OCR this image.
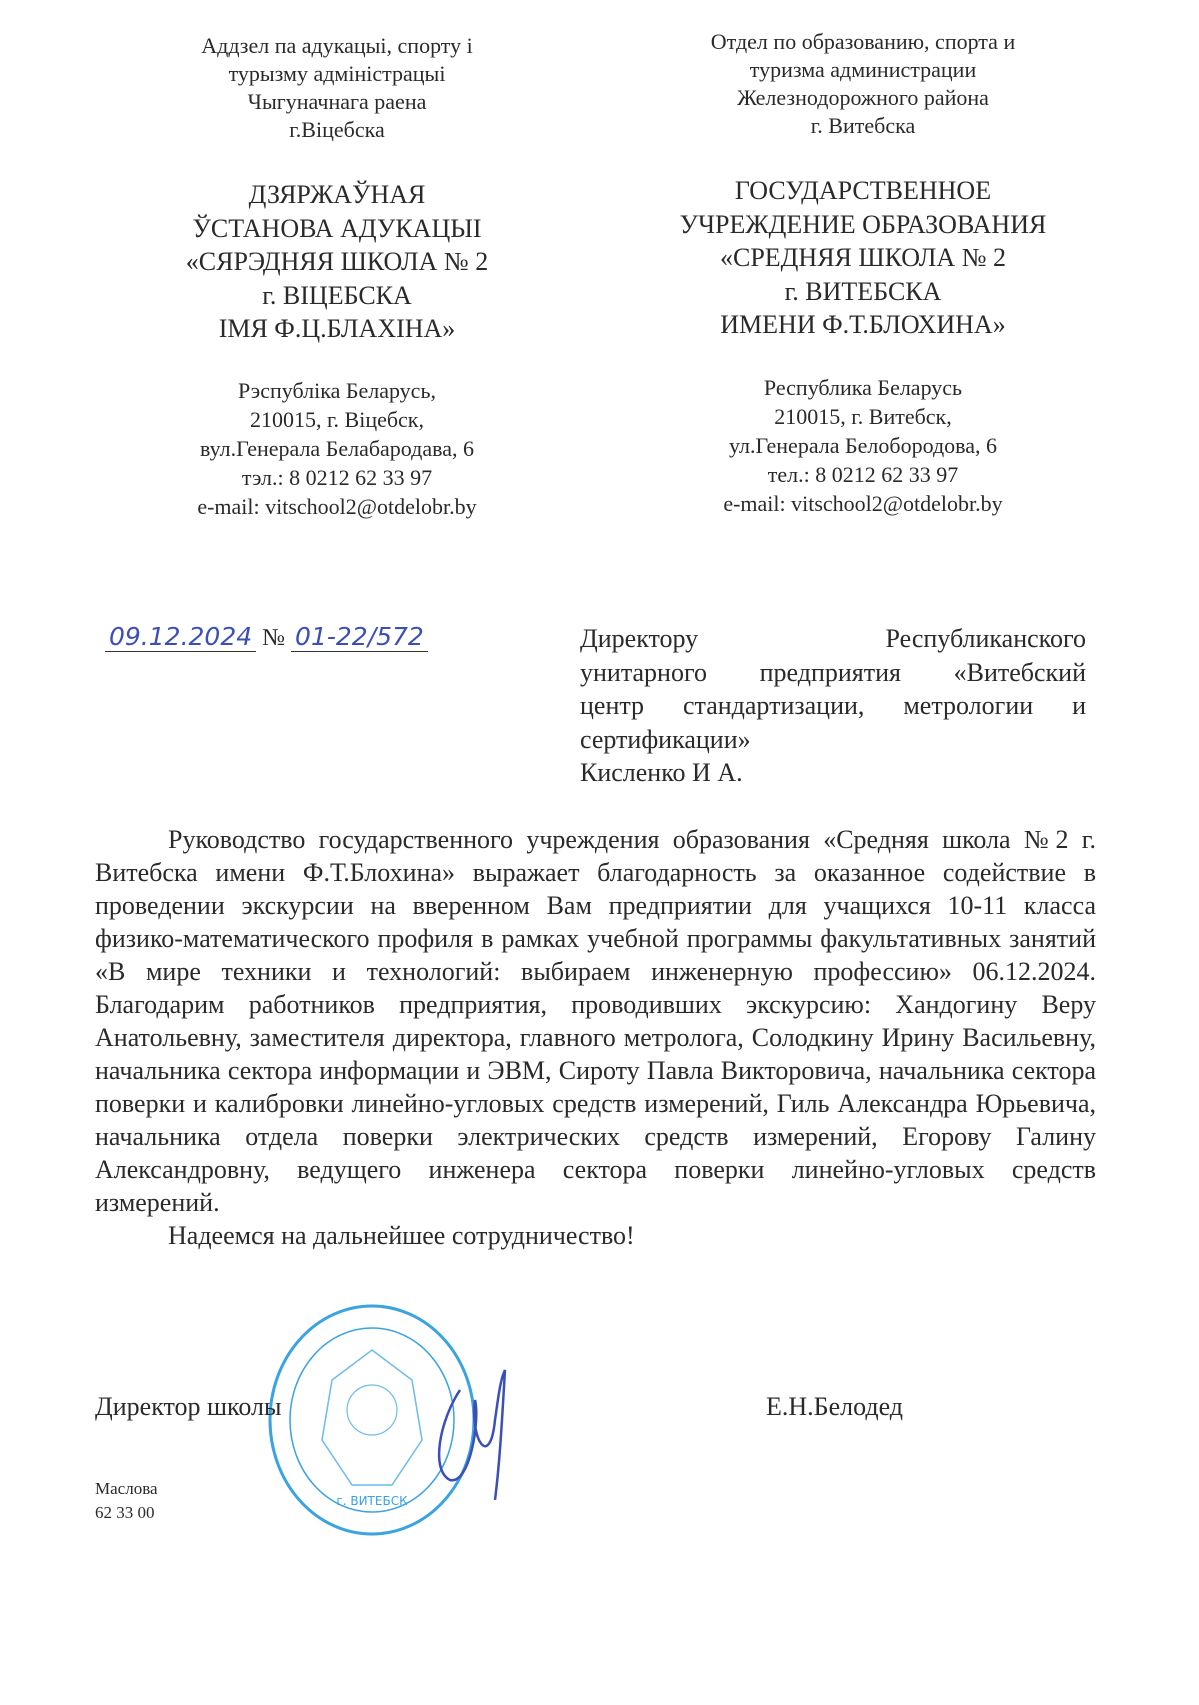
Аддзел па адукацыі, спорту і
турызму адміністрацыі
Чыгуначнага раена
г.Віцебска
Отдел по образованию, спорта и
туризма администрации
Железнодорожного района
г. Витебска
ДЗЯРЖАЎНАЯ
ЎСТАНОВА АДУКАЦЫІ
«СЯРЭДНЯЯ ШКОЛА № 2
г. ВІЦЕБСКА
ІМЯ Ф.Ц.БЛАХІНА»
ГОСУДАРСТВЕННОЕ
УЧРЕЖДЕНИЕ ОБРАЗОВАНИЯ
«СРЕДНЯЯ ШКОЛА № 2
г. ВИТЕБСКА
ИМЕНИ Ф.Т.БЛОХИНА»
Рэспубліка Беларусь,
210015, г. Віцебск,
вул.Генерала Белабародава, 6
тэл.: 8 0212 62 33 97
e-mail: vitschool2@otdelobr.by
Республика Беларусь
210015, г. Витебск,
ул.Генерала Белобородова, 6
тел.: 8 0212 62 33 97
e-mail: vitschool2@otdelobr.by
09.12.2024 № 01-22/572	Директору Республиканского
унитарного предприятия «Витебский
центр стандартизации, метрологии и
сертификации»
Кисленко И А.

Руководство государственного учреждения образования «Средняя школа №2 г. Витебска имени Ф.Т.Блохина» выражает благодарность за оказанное содействие в проведении экскурсии на вверенном Вам предприятии для учащихся 10-11 класса физико-математического профиля в рамках учебной программы факультативных занятий «В мире техники и технологий: выбираем инженерную профессию» 06.12.2024. Благодарим работников предприятия, проводивших экскурсию: Хандогину Веру Анатольевну, заместителя директора, главного метролога, Солодкину Ирину Васильевну, начальника сектора информации и ЭВМ, Сироту Павла Викторовича, начальника сектора поверки и калибровки линейно-угловых средств измерений, Гиль Александра Юрьевича, начальника отдела поверки электрических средств измерений, Егорову Галину Александровну, ведущего инженера сектора поверки линейно-угловых средств измерений.

Надеемся на дальнейшее сотрудничество!

г. ВИТЕБСК
Директор школы	Е.Н.Белодед
Маслова
62 33 00
